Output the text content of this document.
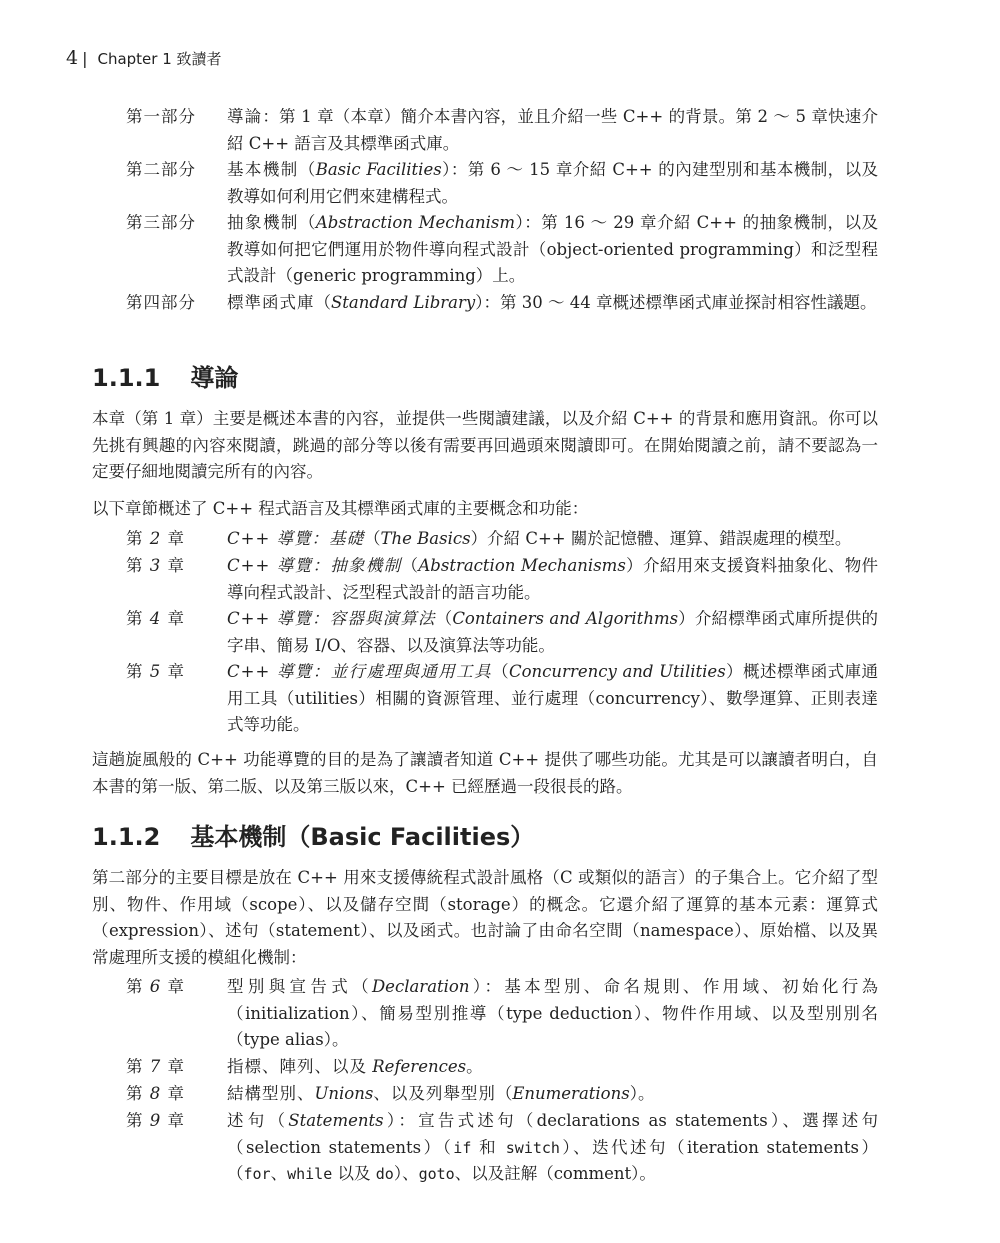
4 | Chapter 1 致讀者
第一部分	導論：第 1 章（本章）簡介本書內容，並且介紹一些 C++ 的背景。第 2 ～ 5 章快速介紹 C++ 語言及其標準函式庫。
第二部分	基本機制（Basic Facilities）：第 6 ～ 15 章介紹 C++ 的內建型別和基本機制，以及教導如何利用它們來建構程式。
第三部分	抽象機制（Abstraction Mechanism）：第 16 ～ 29 章介紹 C++ 的抽象機制，以及教導如何把它們運用於物件導向程式設計（object-oriented programming）和泛型程式設計（generic programming）上。
第四部分	標準函式庫（Standard Library）：第 30 ～ 44 章概述標準函式庫並探討相容性議題。
1.1.1 導論
本章（第 1 章）主要是概述本書的內容，並提供一些閱讀建議，以及介紹 C++ 的背景和應用資訊。你可以先挑有興趣的內容來閱讀，跳過的部分等以後有需要再回過頭來閱讀即可。在開始閱讀之前，請不要認為一定要仔細地閱讀完所有的內容。
以下章節概述了 C++ 程式語言及其標準函式庫的主要概念和功能：
第 2 章	C++ 導覽：基礎（The Basics）介紹 C++ 關於記憶體、運算、錯誤處理的模型。
第 3 章	C++ 導覽：抽象機制（Abstraction Mechanisms）介紹用來支援資料抽象化、物件導向程式設計、泛型程式設計的語言功能。
第 4 章	C++ 導覽：容器與演算法（Containers and Algorithms）介紹標準函式庫所提供的字串、簡易 I/O、容器、以及演算法等功能。
第 5 章	C++ 導覽：並行處理與通用工具（Concurrency and Utilities）概述標準函式庫通用工具（utilities）相關的資源管理、並行處理（concurrency）、數學運算、正則表達式等功能。
這趟旋風般的 C++ 功能導覽的目的是為了讓讀者知道 C++ 提供了哪些功能。尤其是可以讓讀者明白，自本書的第一版、第二版、以及第三版以來，C++ 已經歷過一段很長的路。
1.1.2 基本機制（Basic Facilities）
第二部分的主要目標是放在 C++ 用來支援傳統程式設計風格（C 或類似的語言）的子集合上。它介紹了型別、物件、作用域（scope）、以及儲存空間（storage）的概念。它還介紹了運算的基本元素：運算式（expression）、述句（statement）、以及函式。也討論了由命名空間（namespace）、原始檔、以及異常處理所支援的模組化機制：
第 6 章	型別與宣告式（Declaration）：基本型別、命名規則、作用域、初始化行為（initialization）、簡易型別推導（type deduction）、物件作用域、以及型別別名（type alias）。
第 7 章	指標、陣列、以及 References。
第 8 章	結構型別、Unions、以及列舉型別（Enumerations）。
第 9 章	述句（Statements）：宣告式述句（declarations as statements）、選擇述句（selection statements）（if 和 switch）、迭代述句（iteration statements）（for、while 以及 do）、goto、以及註解（comment）。
